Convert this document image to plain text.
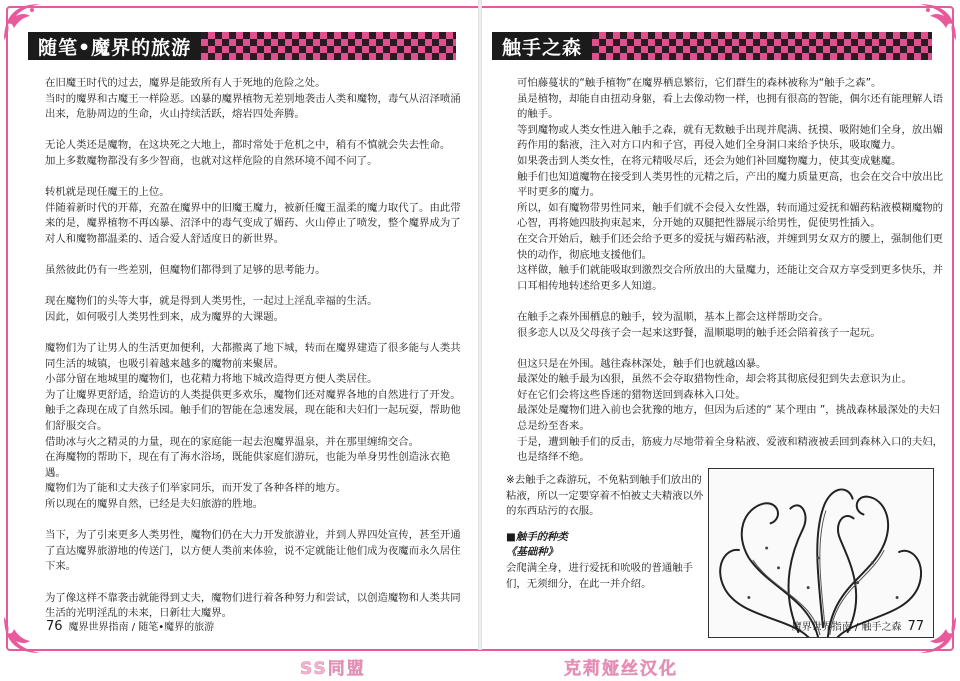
随笔•魔界的旅游

在旧魔王时代的过去，魔界是能致所有人于死地的危险之处。

当时的魔界和古魔王一样险恶。凶暴的魔界植物无差别地袭击人类和魔物，毒气从沼泽喷涌出来，危胁周边的生命，火山持续活跃，熔岩四处奔腾。

无论人类还是魔物，在这块死之大地上，都时常处于危机之中，稍有不慎就会失去性命。

加上多数魔物都没有多少智商，也就对这样危险的自然环境不闻不问了。

转机就是现任魔王的上位。

伴随着新时代的开幕，充盈在魔界中的旧魔王魔力，被新任魔王温柔的魔力取代了。由此带来的是，魔界植物不再凶暴、沼泽中的毒气变成了媚药、火山停止了喷发，整个魔界成为了对人和魔物都温柔的、适合爱人舒适度日的新世界。

虽然彼此仍有一些差别，但魔物们都得到了足够的思考能力。

现在魔物们的头等大事，就是得到人类男性，一起过上淫乱幸福的生活。

因此，如何吸引人类男性到来，成为魔界的大课题。

魔物们为了让男人的生活更加便利，大都搬离了地下城，转而在魔界建造了很多能与人类共同生活的城镇，也吸引着越来越多的魔物前来聚居。

小部分留在地城里的魔物们，也花精力将地下城改造得更方便人类居住。

为了让魔界更舒适，给造访的人类提供更多欢乐，魔物们还对魔界各地的自然进行了开发。

触手之森现在成了自然乐园。触手们的智能在急速发展，现在能和夫妇们一起玩耍，帮助他们舒服交合。

借助冰与火之精灵的力量，现在的家庭能一起去泡魔界温泉，并在那里缠绵交合。

在海魔物的帮助下，现在有了海水浴场，既能供家庭们游玩，也能为单身男性创造泳衣艳遇。

魔物们为了能和丈夫孩子们举家同乐，而开发了各种各样的地方。

所以现在的魔界自然，已经是夫妇旅游的胜地。

当下，为了引来更多人类男性，魔物们仍在大力开发旅游业，并到人界四处宣传，甚至开通了直达魔界旅游地的传送门，以方便人类前来体验，说不定就能让他们成为夜魔而永久居住下来。

为了像这样不靠袭击就能得到丈夫，魔物们进行着各种努力和尝试，以创造魔物和人类共同生活的光明淫乱的未来，日新壮大魔界。

76 魔界世界指南 / 随笔•魔界的旅游
触手之森

可怕藤蔓状的“触手植物”在魔界栖息繁衍，它们群生的森林被称为“触手之森”。

虽是植物，却能自由扭动身躯，看上去像动物一样，也拥有很高的智能，偶尔还有能理解人语的触手。

等到魔物或人类女性进入触手之森，就有无数触手出现并爬满、抚摸、吸附她们全身，放出媚药作用的黏液，注入对方口内和子宫，再侵入她们全身洞口来给予快乐，吸取魔力。

如果袭击到人类女性，在将元精吸尽后，还会为她们补回魔物魔力，使其变成魅魔。

触手们也知道魔物在接受到人类男性的元精之后，产出的魔力质量更高，也会在交合中放出比平时更多的魔力。

所以，如有魔物带男性同来，触手们就不会侵入女性器，转而通过爱抚和媚药粘液模糊魔物的心智，再将她四肢拘束起来，分开她的双腿把性器展示给男性，促使男性插入。

在交合开始后，触手们还会给予更多的爱抚与媚药粘液，并缠到男女双方的腰上，强制他们更快的动作，彻底地支援他们。

这样做，触手们就能吸取到激烈交合所放出的大量魔力，还能让交合双方享受到更多快乐，并口耳相传地转述给更多人知道。

在触手之森外围栖息的触手，较为温顺，基本上都会这样帮助交合。

很多恋人以及父母孩子会一起来这野餐，温顺聪明的触手还会陪着孩子一起玩。

但这只是在外围。越往森林深处，触手们也就越凶暴。

最深处的触手最为凶狠，虽然不会夺取猎物性命，却会将其彻底侵犯到失去意识为止。

好在它们会将这些昏迷的猎物送回到森林入口处。

最深处是魔物们进入前也会犹豫的地方，但因为后述的“ 某个理由 ”，挑战森林最深处的夫妇总是纷至沓来。

于是，遭到触手们的反击，筋疲力尽地带着全身粘液、爱液和精液被丢回到森林入口的夫妇，也是络绎不绝。

※去触手之森游玩，不免粘到触手们放出的粘液，所以一定要穿着不怕被丈夫精液以外的东西玷污的衣服。

■触手的种类

《基础种》

会爬满全身，进行爱抚和吮吸的普通触手们，无须细分，在此一并介绍。

魔界世界指南 / 触手之森 77
SS同盟	克莉娅丝汉化
